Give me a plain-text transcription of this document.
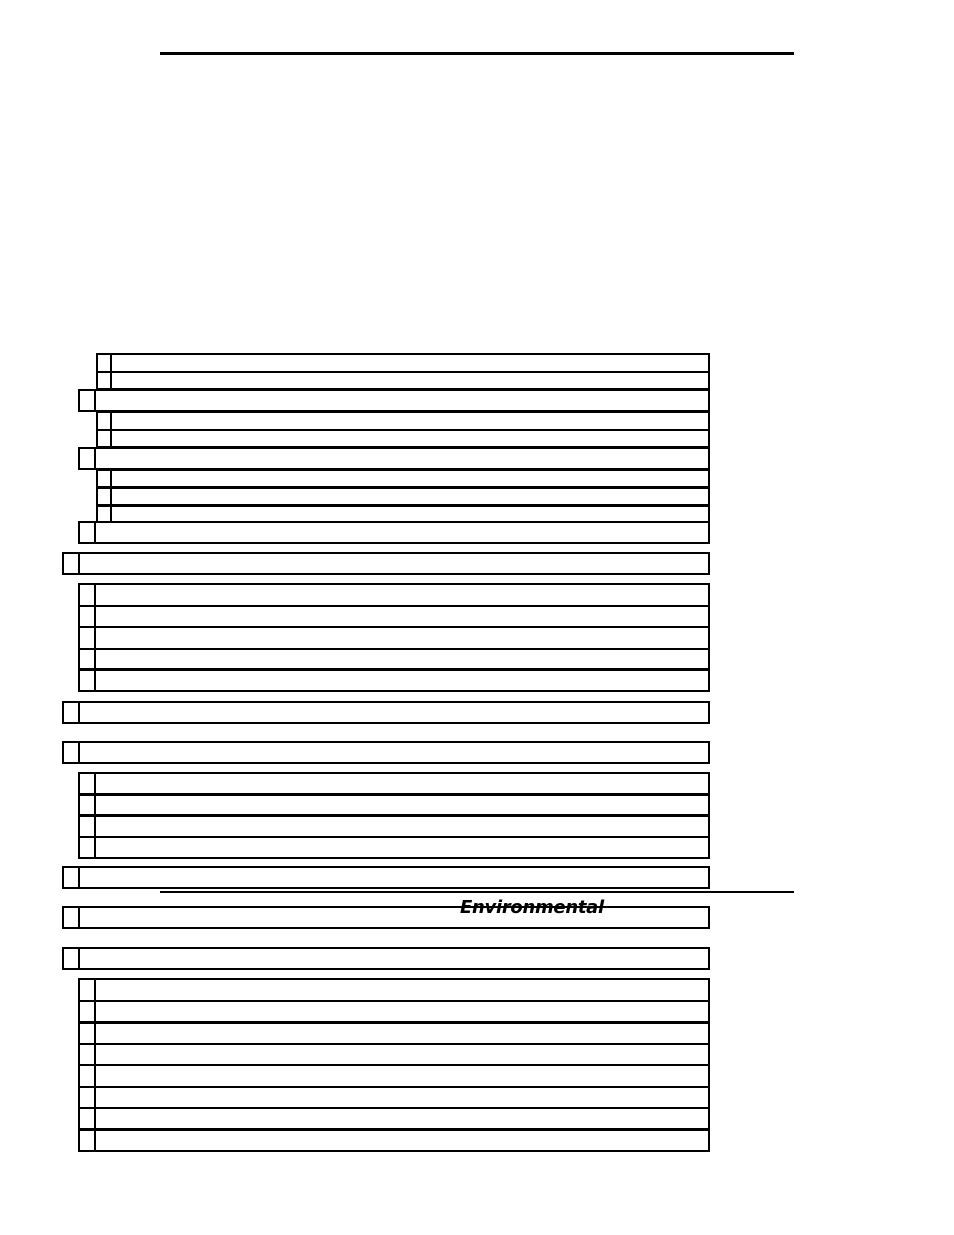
Environmental
